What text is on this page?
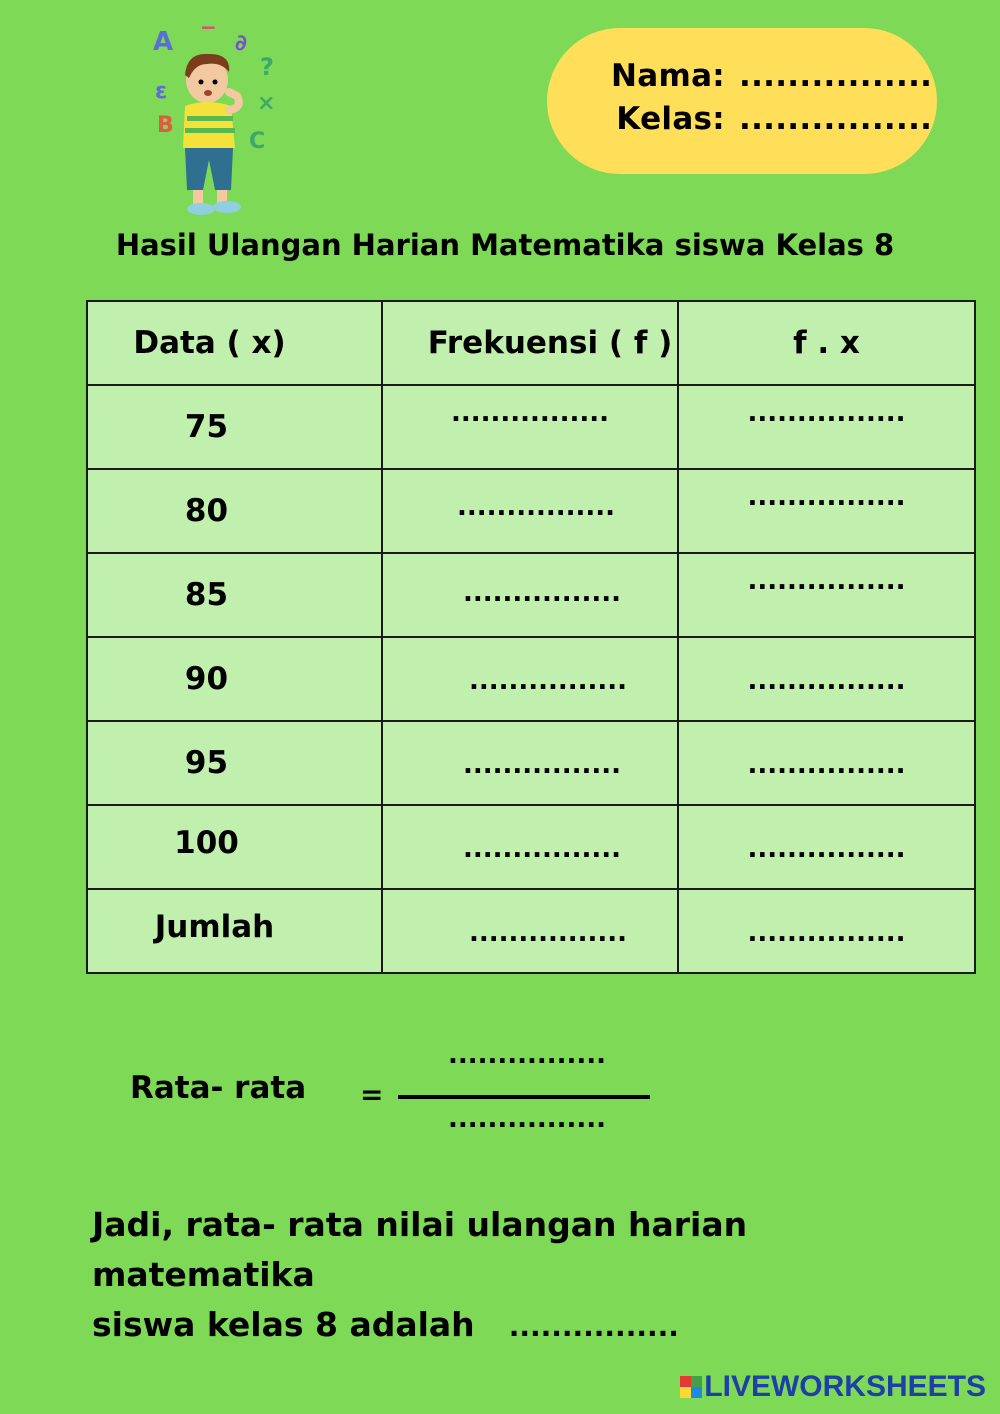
A −
∂
?
ε	×
B
C
Nama: ................
Kelas: ................
Hasil Ulangan Harian Matematika siswa Kelas 8
Data ( x)	Frekuensi ( f )	f . x
75	................	................
80	................	................
85	................	................
90	................	................
95	................	................
100	................	................
Jumlah	................	................
Rata- rata =
................
................
Jadi, rata- rata nilai ulangan harian matematika
siswa kelas 8 adalah ................
LIVEWORKSHEETS
